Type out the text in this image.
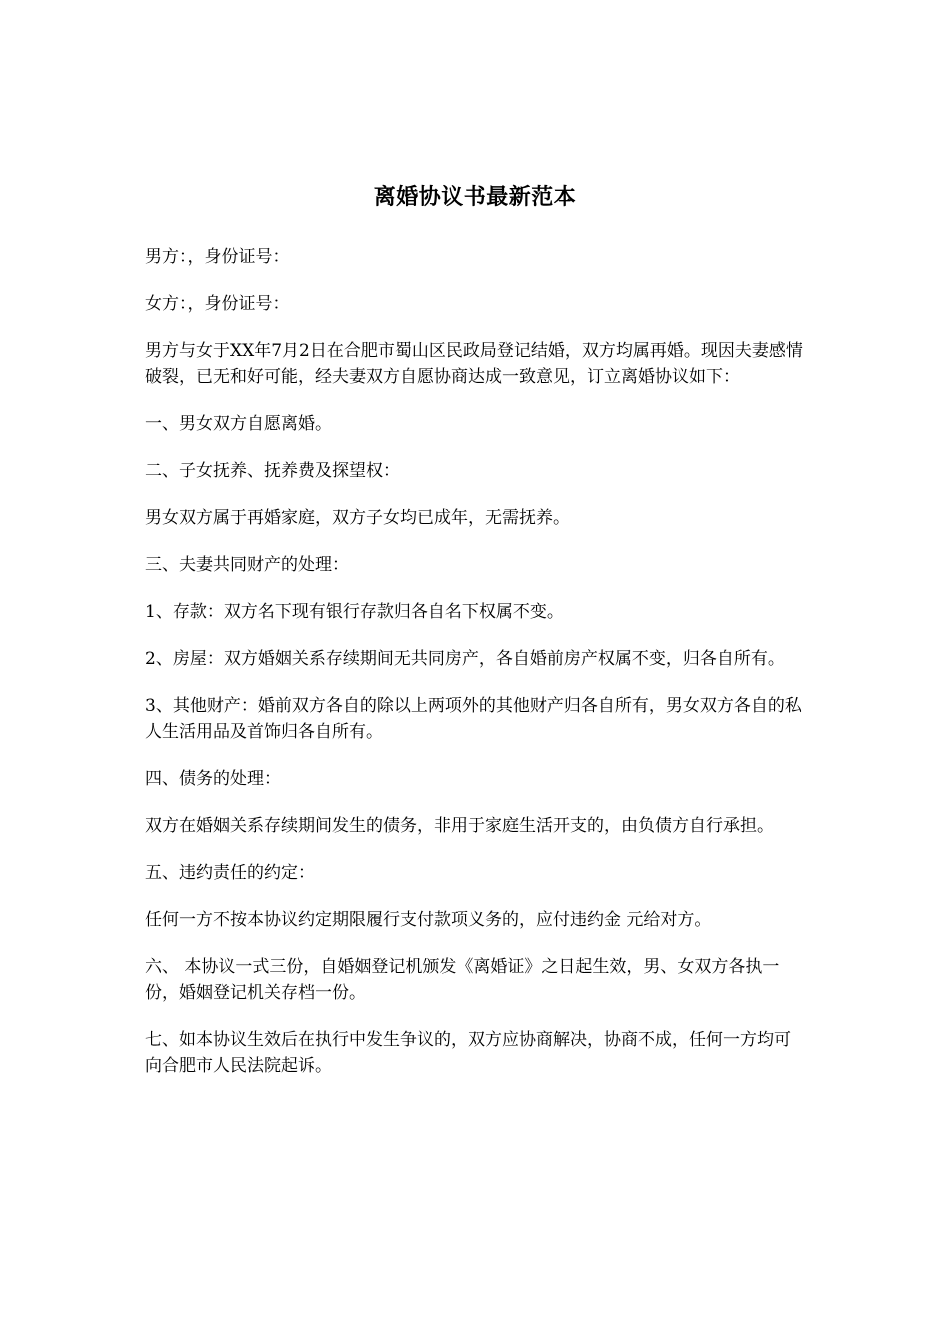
离婚协议书最新范本

男方：，身份证号：

女方：，身份证号：

男方与女于XX年7月2日在合肥市蜀山区民政局登记结婚，双方均属再婚。现因夫妻感情破裂，已无和好可能，经夫妻双方自愿协商达成一致意见，订立离婚协议如下：

一、男女双方自愿离婚。

二、子女抚养、抚养费及探望权：

男女双方属于再婚家庭，双方子女均已成年，无需抚养。

三、夫妻共同财产的处理：

1、存款：双方名下现有银行存款归各自名下权属不变。

2、房屋：双方婚姻关系存续期间无共同房产，各自婚前房产权属不变，归各自所有。

3、其他财产：婚前双方各自的除以上两项外的其他财产归各自所有，男女双方各自的私人生活用品及首饰归各自所有。

四、债务的处理：

双方在婚姻关系存续期间发生的债务，非用于家庭生活开支的，由负债方自行承担。

五、违约责任的约定：

任何一方不按本协议约定期限履行支付款项义务的，应付违约金 元给对方。

六、 本协议一式三份，自婚姻登记机颁发《离婚证》之日起生效，男、女双方各执一份，婚姻登记机关存档一份。

七、如本协议生效后在执行中发生争议的，双方应协商解决，协商不成，任何一方均可向合肥市人民法院起诉。
